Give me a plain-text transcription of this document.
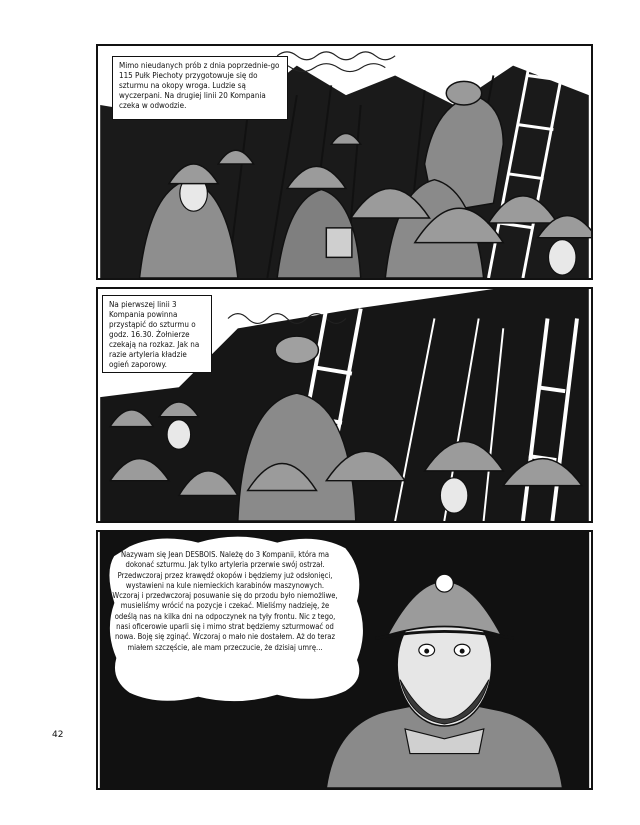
Mimo nieudanych prób z dnia poprzednie-go 115 Pułk Piechoty przygotowuje się do szturmu na okopy wroga. Ludzie są wyczerpani. Na drugiej linii 20 Kompania czeka w odwodzie.
Na pierwszej linii 3 Kompania powinna przystąpić do szturmu o godz. 16.30. Żołnierze czekają na rozkaz. Jak na razie artyleria kładzie ogień zaporowy.
Nazywam się Jean DESBOIS. Należę do 3 Kompanii, która ma dokonać szturmu. Jak tylko artyleria przerwie swój ostrzał. Przedwczoraj przez krawędź okopów i będziemy już odsłonięci, wystawieni na kule niemieckich karabinów maszynowych. Wczoraj i przedwczoraj posuwanie się do przodu było niemożliwe, musieliśmy wrócić na pozycje i czekać. Mieliśmy nadzieję, że odeślą nas na kilka dni na odpoczynek na tyły frontu. Nic z tego, nasi oficerowie uparli się i mimo strat będziemy szturmować od nowa. Boję się zginąć. Wczoraj o mało nie dostałem. Aż do teraz miałem szczęście, ale mam przeczucie, że dzisiaj umrę...
42
